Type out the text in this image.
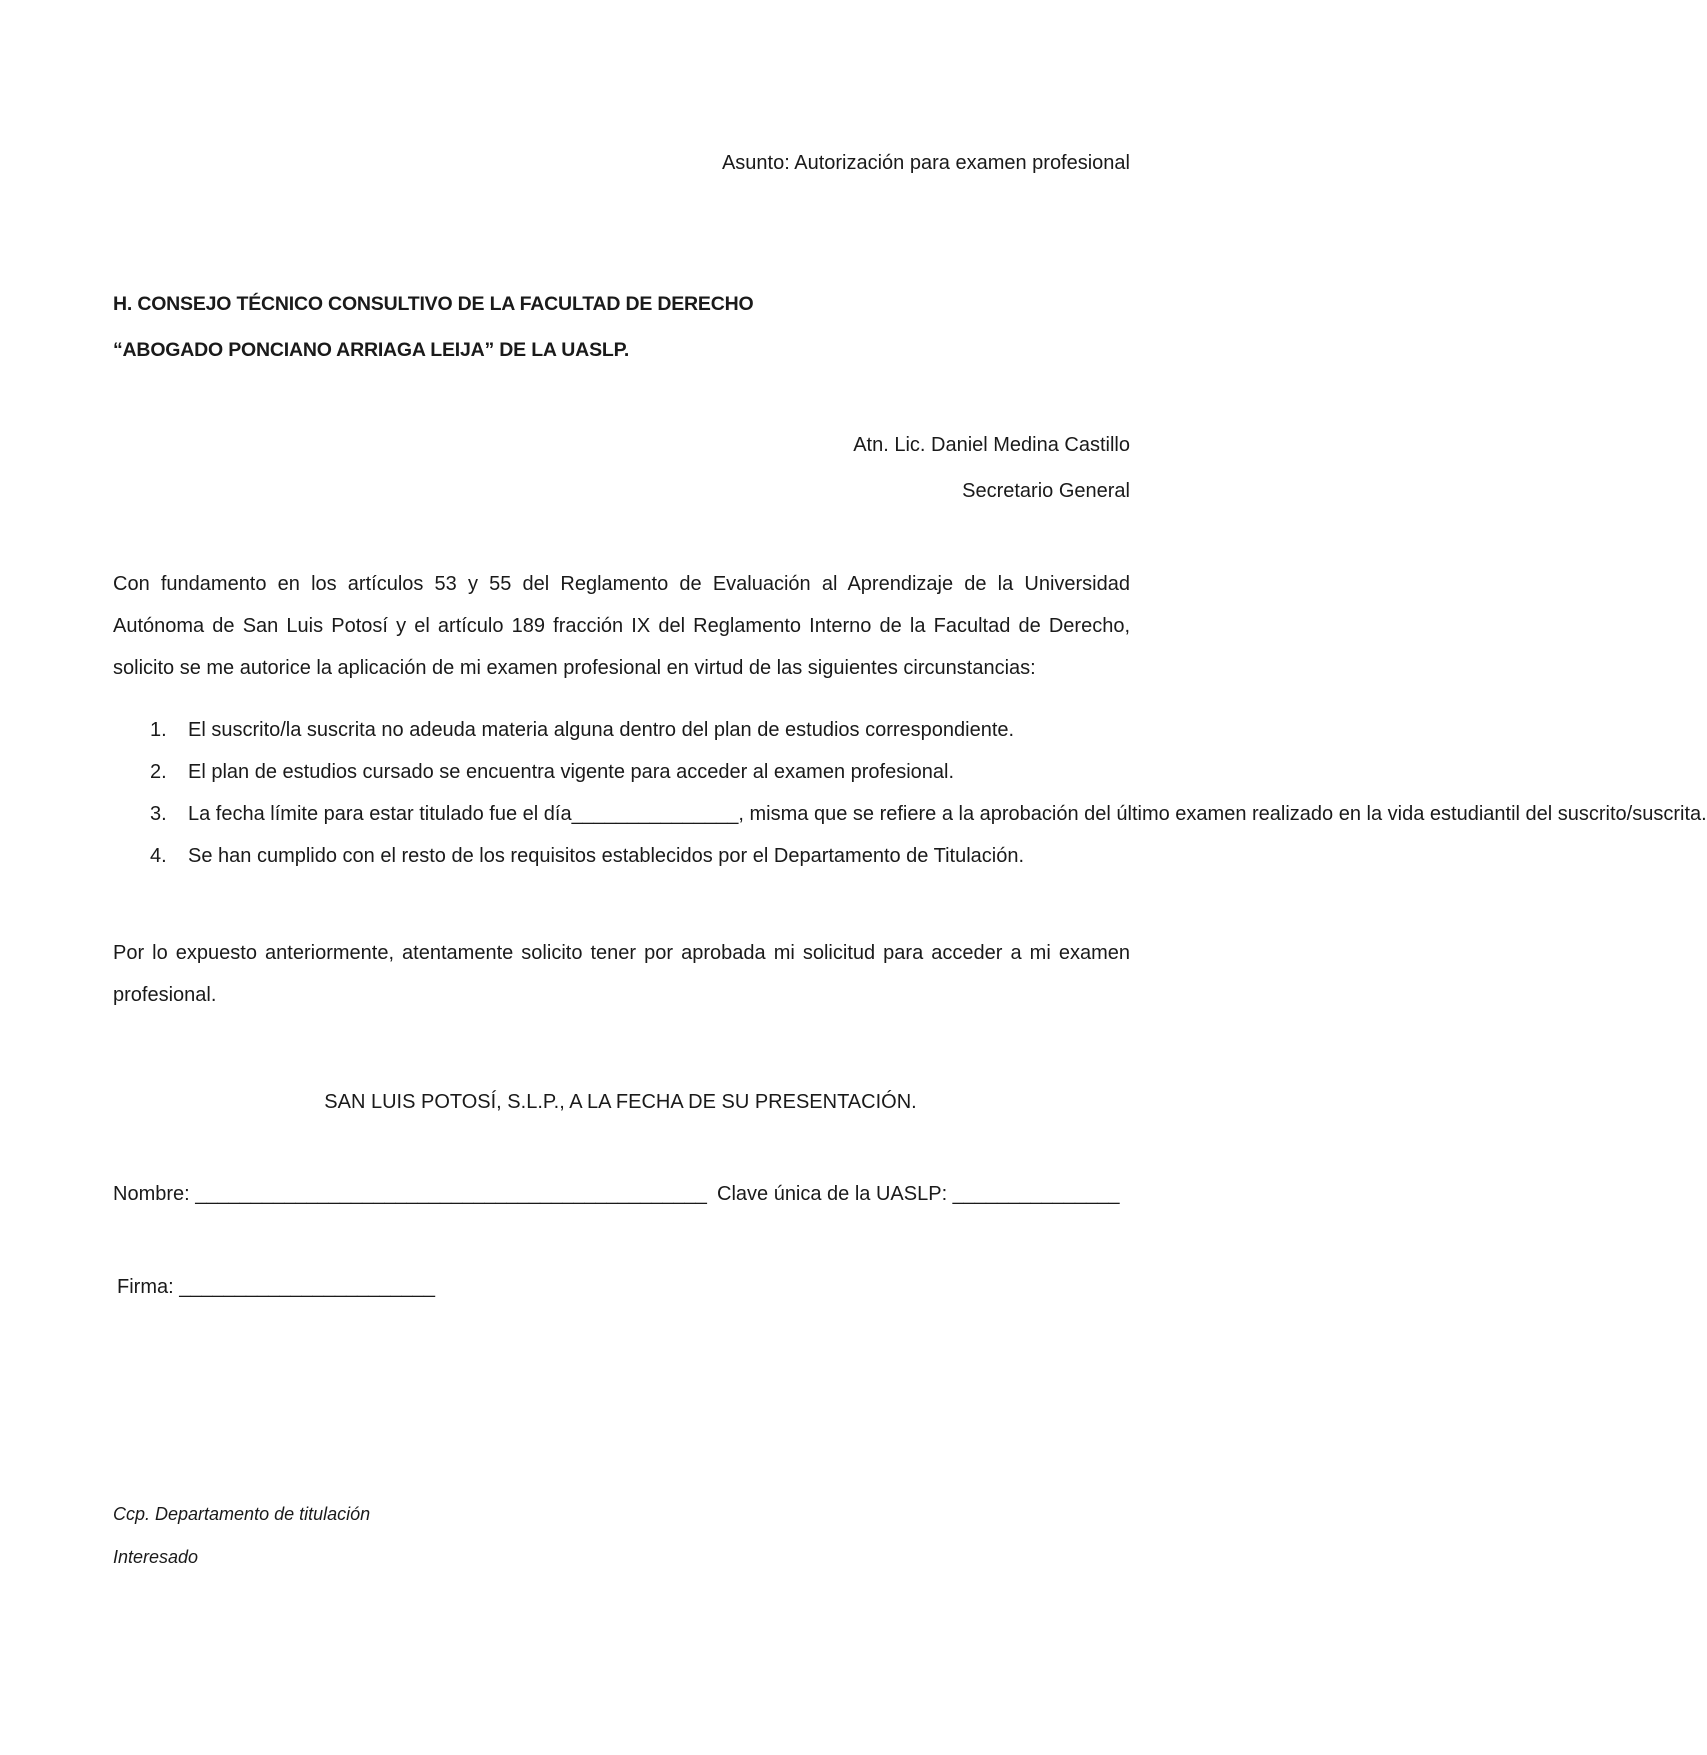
Asunto: Autorización para examen profesional
H. CONSEJO TÉCNICO CONSULTIVO DE LA FACULTAD DE DERECHO
“ABOGADO PONCIANO ARRIAGA LEIJA” DE LA UASLP.
Atn. Lic. Daniel Medina Castillo
Secretario General
Con fundamento en los artículos 53 y 55 del Reglamento de Evaluación al Aprendizaje de la Universidad Autónoma de San Luis Potosí y el artículo 189 fracción IX del Reglamento Interno de la Facultad de Derecho, solicito se me autorice la aplicación de mi examen profesional en virtud de las siguientes circunstancias:
1. El suscrito/la suscrita no adeuda materia alguna dentro del plan de estudios correspondiente.
2. El plan de estudios cursado se encuentra vigente para acceder al examen profesional.
3. La fecha límite para estar titulado fue el día_______________, misma que se refiere a la aprobación del último examen realizado en la vida estudiantil del suscrito/suscrita.
4. Se han cumplido con el resto de los requisitos establecidos por el Departamento de Titulación.
Por lo expuesto anteriormente, atentamente solicito tener por aprobada mi solicitud para acceder a mi examen profesional.
SAN LUIS POTOSÍ, S.L.P., A LA FECHA DE SU PRESENTACIÓN.
Nombre: ______________________________________________ Clave única de la UASLP: _______________
Firma: _______________________
Ccp. Departamento de titulación
Interesado
